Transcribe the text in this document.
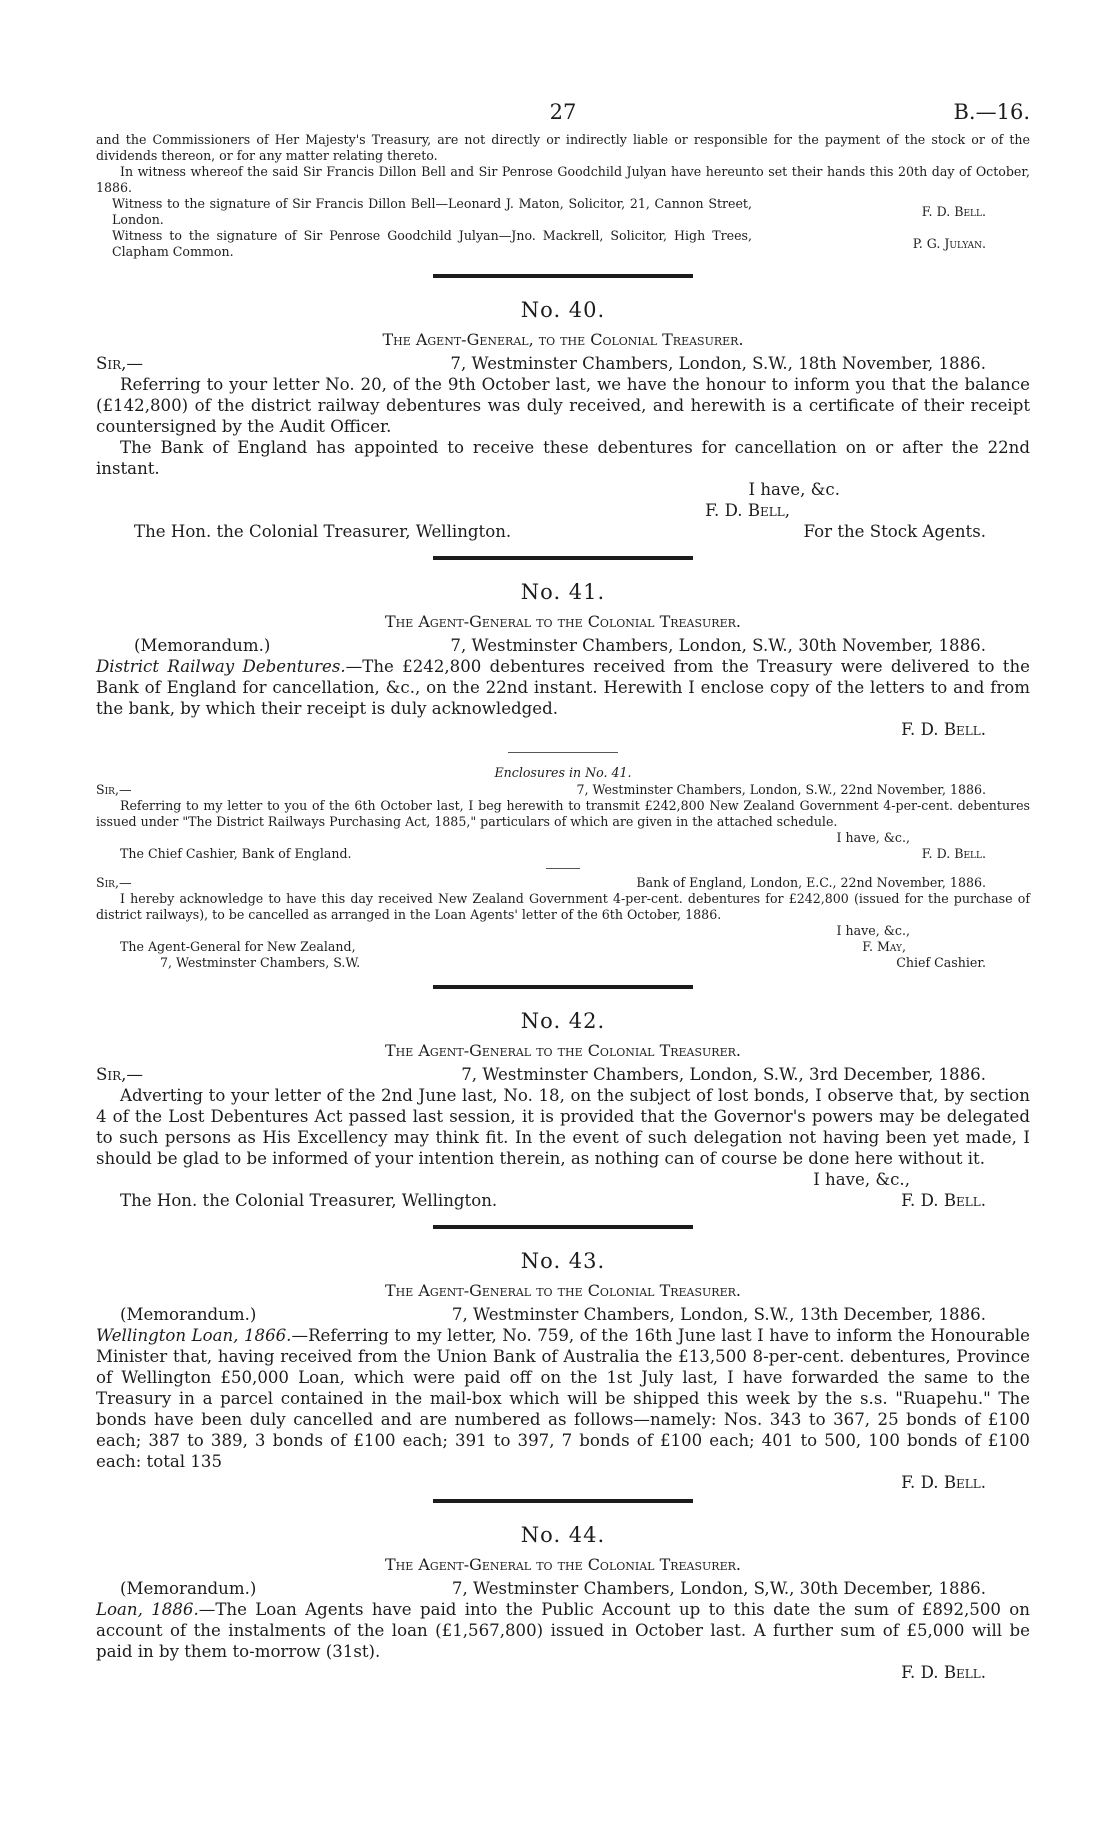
27	B.—16.

and the Commissioners of Her Majesty's Treasury, are not directly or indirectly liable or responsible for the payment of the stock or of the dividends thereon, or for any matter relating thereto.

In witness whereof the said Sir Francis Dillon Bell and Sir Penrose Goodchild Julyan have hereunto set their hands this 20th day of October, 1886.

Witness to the signature of Sir Francis Dillon Bell—Leonard J. Maton, Solicitor, 21, Cannon Street, London.
F. D. Bell.
Witness to the signature of Sir Penrose Goodchild Julyan—Jno. Mackrell, Solicitor, High Trees, Clapham Common.
P. G. Julyan.
No. 40.
The Agent-General, to the Colonial Treasurer.
Sir,—	7, Westminster Chambers, London, S.W., 18th November, 1886.

Referring to your letter No. 20, of the 9th October last, we have the honour to inform you that the balance (£142,800) of the district railway debentures was duly received, and herewith is a certificate of their receipt countersigned by the Audit Officer.

The Bank of England has appointed to receive these debentures for cancellation on or after the 22nd instant.

I have, &c.
F. D. Bell,
The Hon. the Colonial Treasurer, Wellington.	For the Stock Agents.
No. 41.
The Agent-General to the Colonial Treasurer.
(Memorandum.)	7, Westminster Chambers, London, S.W., 30th November, 1886.

District Railway Debentures.—The £242,800 debentures received from the Treasury were delivered to the Bank of England for cancellation, &c., on the 22nd instant. Herewith I enclose copy of the letters to and from the bank, by which their receipt is duly acknowledged.

F. D. Bell.
Enclosures in No. 41.
Sir,—	7, Westminster Chambers, London, S.W., 22nd November, 1886.

Referring to my letter to you of the 6th October last, I beg herewith to transmit £242,800 New Zealand Government 4-per-cent. debentures issued under "The District Railways Purchasing Act, 1885," particulars of which are given in the attached schedule.

I have, &c.,
The Chief Cashier, Bank of England.	F. D. Bell.
Sir,—	Bank of England, London, E.C., 22nd November, 1886.

I hereby acknowledge to have this day received New Zealand Government 4-per-cent. debentures for £242,800 (issued for the purchase of district railways), to be cancelled as arranged in the Loan Agents' letter of the 6th October, 1886.

I have, &c.,
The Agent-General for New Zealand,	F. May,
7, Westminster Chambers, S.W.	Chief Cashier.
No. 42.
The Agent-General to the Colonial Treasurer.
Sir,—	7, Westminster Chambers, London, S.W., 3rd December, 1886.

Adverting to your letter of the 2nd June last, No. 18, on the subject of lost bonds, I observe that, by section 4 of the Lost Debentures Act passed last session, it is provided that the Governor's powers may be delegated to such persons as His Excellency may think fit. In the event of such delegation not having been yet made, I should be glad to be informed of your intention therein, as nothing can of course be done here without it.

I have, &c.,
The Hon. the Colonial Treasurer, Wellington.	F. D. Bell.
No. 43.
The Agent-General to the Colonial Treasurer.
(Memorandum.)	7, Westminster Chambers, London, S.W., 13th December, 1886.

Wellington Loan, 1866.—Referring to my letter, No. 759, of the 16th June last I have to inform the Honourable Minister that, having received from the Union Bank of Australia the £13,500 8-per-cent. debentures, Province of Wellington £50,000 Loan, which were paid off on the 1st July last, I have forwarded the same to the Treasury in a parcel contained in the mail-box which will be shipped this week by the s.s. "Ruapehu." The bonds have been duly cancelled and are numbered as follows—namely: Nos. 343 to 367, 25 bonds of £100 each; 387 to 389, 3 bonds of £100 each; 391 to 397, 7 bonds of £100 each; 401 to 500, 100 bonds of £100 each: total 135

F. D. Bell.
No. 44.
The Agent-General to the Colonial Treasurer.
(Memorandum.)	7, Westminster Chambers, London, S,W., 30th December, 1886.

Loan, 1886.—The Loan Agents have paid into the Public Account up to this date the sum of £892,500 on account of the instalments of the loan (£1,567,800) issued in October last. A further sum of £5,000 will be paid in by them to-morrow (31st).

F. D. Bell.
